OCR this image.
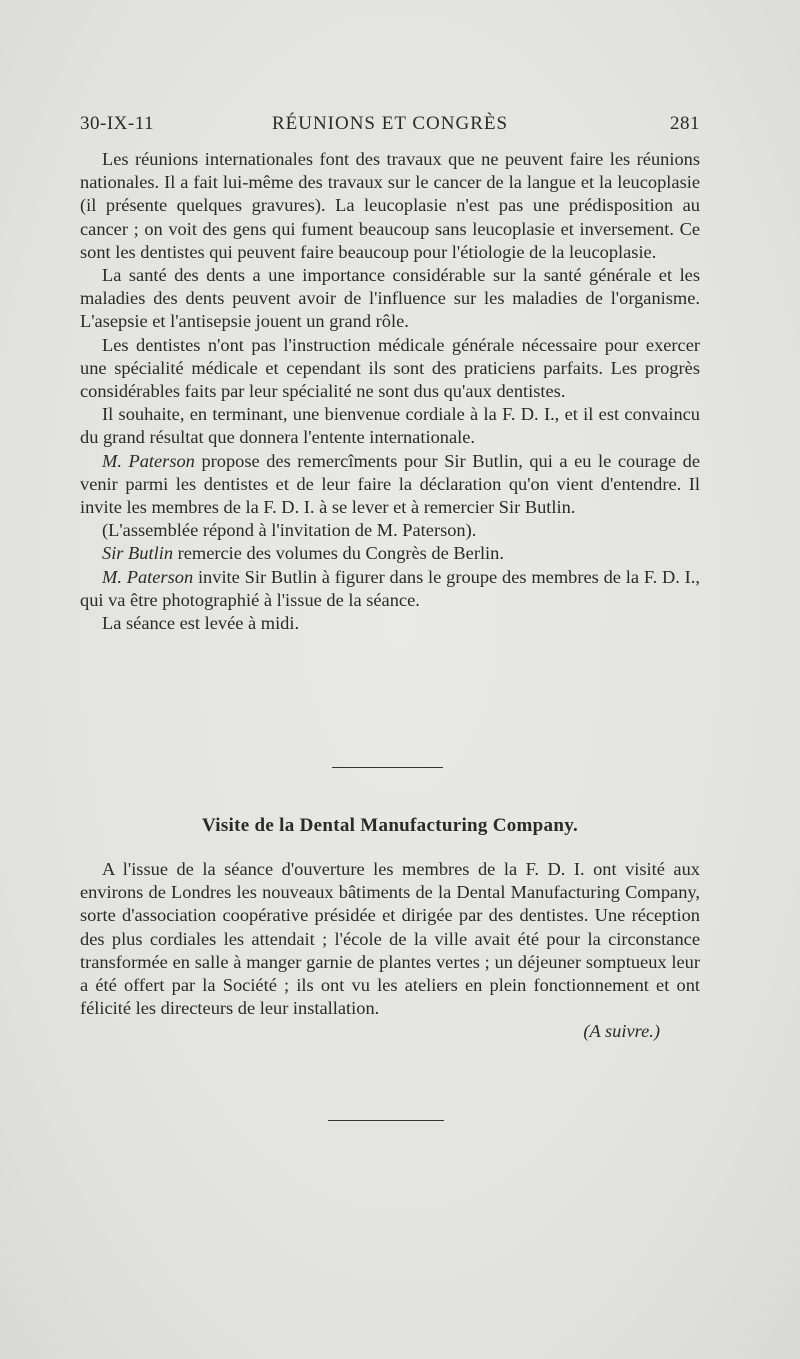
30-IX-11	RÉUNIONS ET CONGRÈS	281

Les réunions internationales font des travaux que ne peuvent faire les réunions nationales. Il a fait lui-même des travaux sur le cancer de la langue et la leucoplasie (il présente quelques gravures). La leucoplasie n'est pas une prédisposition au cancer ; on voit des gens qui fument beaucoup sans leucoplasie et inversement. Ce sont les dentistes qui peuvent faire beaucoup pour l'étiologie de la leucoplasie.

La santé des dents a une importance considérable sur la santé générale et les maladies des dents peuvent avoir de l'influence sur les maladies de l'organisme. L'asepsie et l'antisepsie jouent un grand rôle.

Les dentistes n'ont pas l'instruction médicale générale nécessaire pour exercer une spécialité médicale et cependant ils sont des praticiens parfaits. Les progrès considérables faits par leur spécialité ne sont dus qu'aux dentistes.

Il souhaite, en terminant, une bienvenue cordiale à la F. D. I., et il est convaincu du grand résultat que donnera l'entente internationale.

M. Paterson propose des remercîments pour Sir Butlin, qui a eu le courage de venir parmi les dentistes et de leur faire la déclaration qu'on vient d'entendre. Il invite les membres de la F. D. I. à se lever et à remercier Sir Butlin.

(L'assemblée répond à l'invitation de M. Paterson).

Sir Butlin remercie des volumes du Congrès de Berlin.

M. Paterson invite Sir Butlin à figurer dans le groupe des membres de la F. D. I., qui va être photographié à l'issue de la séance.

La séance est levée à midi.

Visite de la Dental Manufacturing Company.

A l'issue de la séance d'ouverture les membres de la F. D. I. ont visité aux environs de Londres les nouveaux bâtiments de la Dental Manufacturing Company, sorte d'association coopérative présidée et dirigée par des dentistes. Une réception des plus cordiales les attendait ; l'école de la ville avait été pour la circonstance transformée en salle à manger garnie de plantes vertes ; un déjeuner somptueux leur a été offert par la Société ; ils ont vu les ateliers en plein fonctionnement et ont félicité les directeurs de leur installation.

(A suivre.)
